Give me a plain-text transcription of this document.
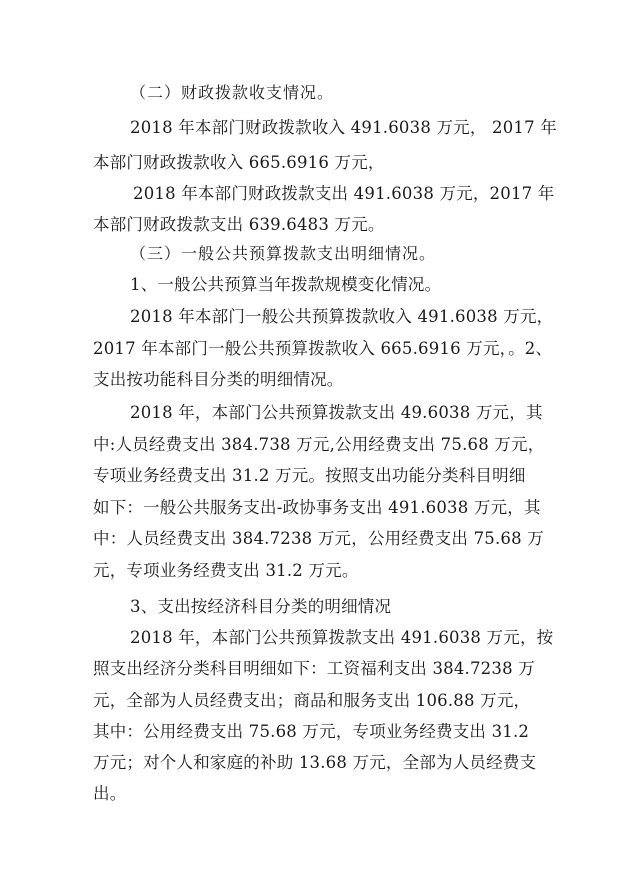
（二）财政拨款收支情况。
2018 年本部门财政拨款收入 491.6038 万元， 2017 年
本部门财政拨款收入 665.6916 万元，
2018 年本部门财政拨款支出 491.6038 万元，2017 年
本部门财政拨款支出 639.6483 万元。
（三）一般公共预算拨款支出明细情况。
1、一般公共预算当年拨款规模变化情况。
2018 年本部门一般公共预算拨款收入 491.6038 万元，
2017 年本部门一般公共预算拨款收入 665.6916 万元，。2、
支出按功能科目分类的明细情况。
2018 年，本部门公共预算拨款支出 49.6038 万元，其
中:人员经费支出 384.738 万元,公用经费支出 75.68 万元，
专项业务经费支出 31.2 万元。按照支出功能分类科目明细
如下：一般公共服务支出-政协事务支出 491.6038 万元，其
中：人员经费支出 384.7238 万元，公用经费支出 75.68 万
元，专项业务经费支出 31.2 万元。
3、支出按经济科目分类的明细情况
2018 年，本部门公共预算拨款支出 491.6038 万元，按
照支出经济分类科目明细如下：工资福利支出 384.7238 万
元，全部为人员经费支出；商品和服务支出 106.88 万元，
其中：公用经费支出 75.68 万元，专项业务经费支出 31.2
万元；对个人和家庭的补助 13.68 万元，全部为人员经费支
出。
